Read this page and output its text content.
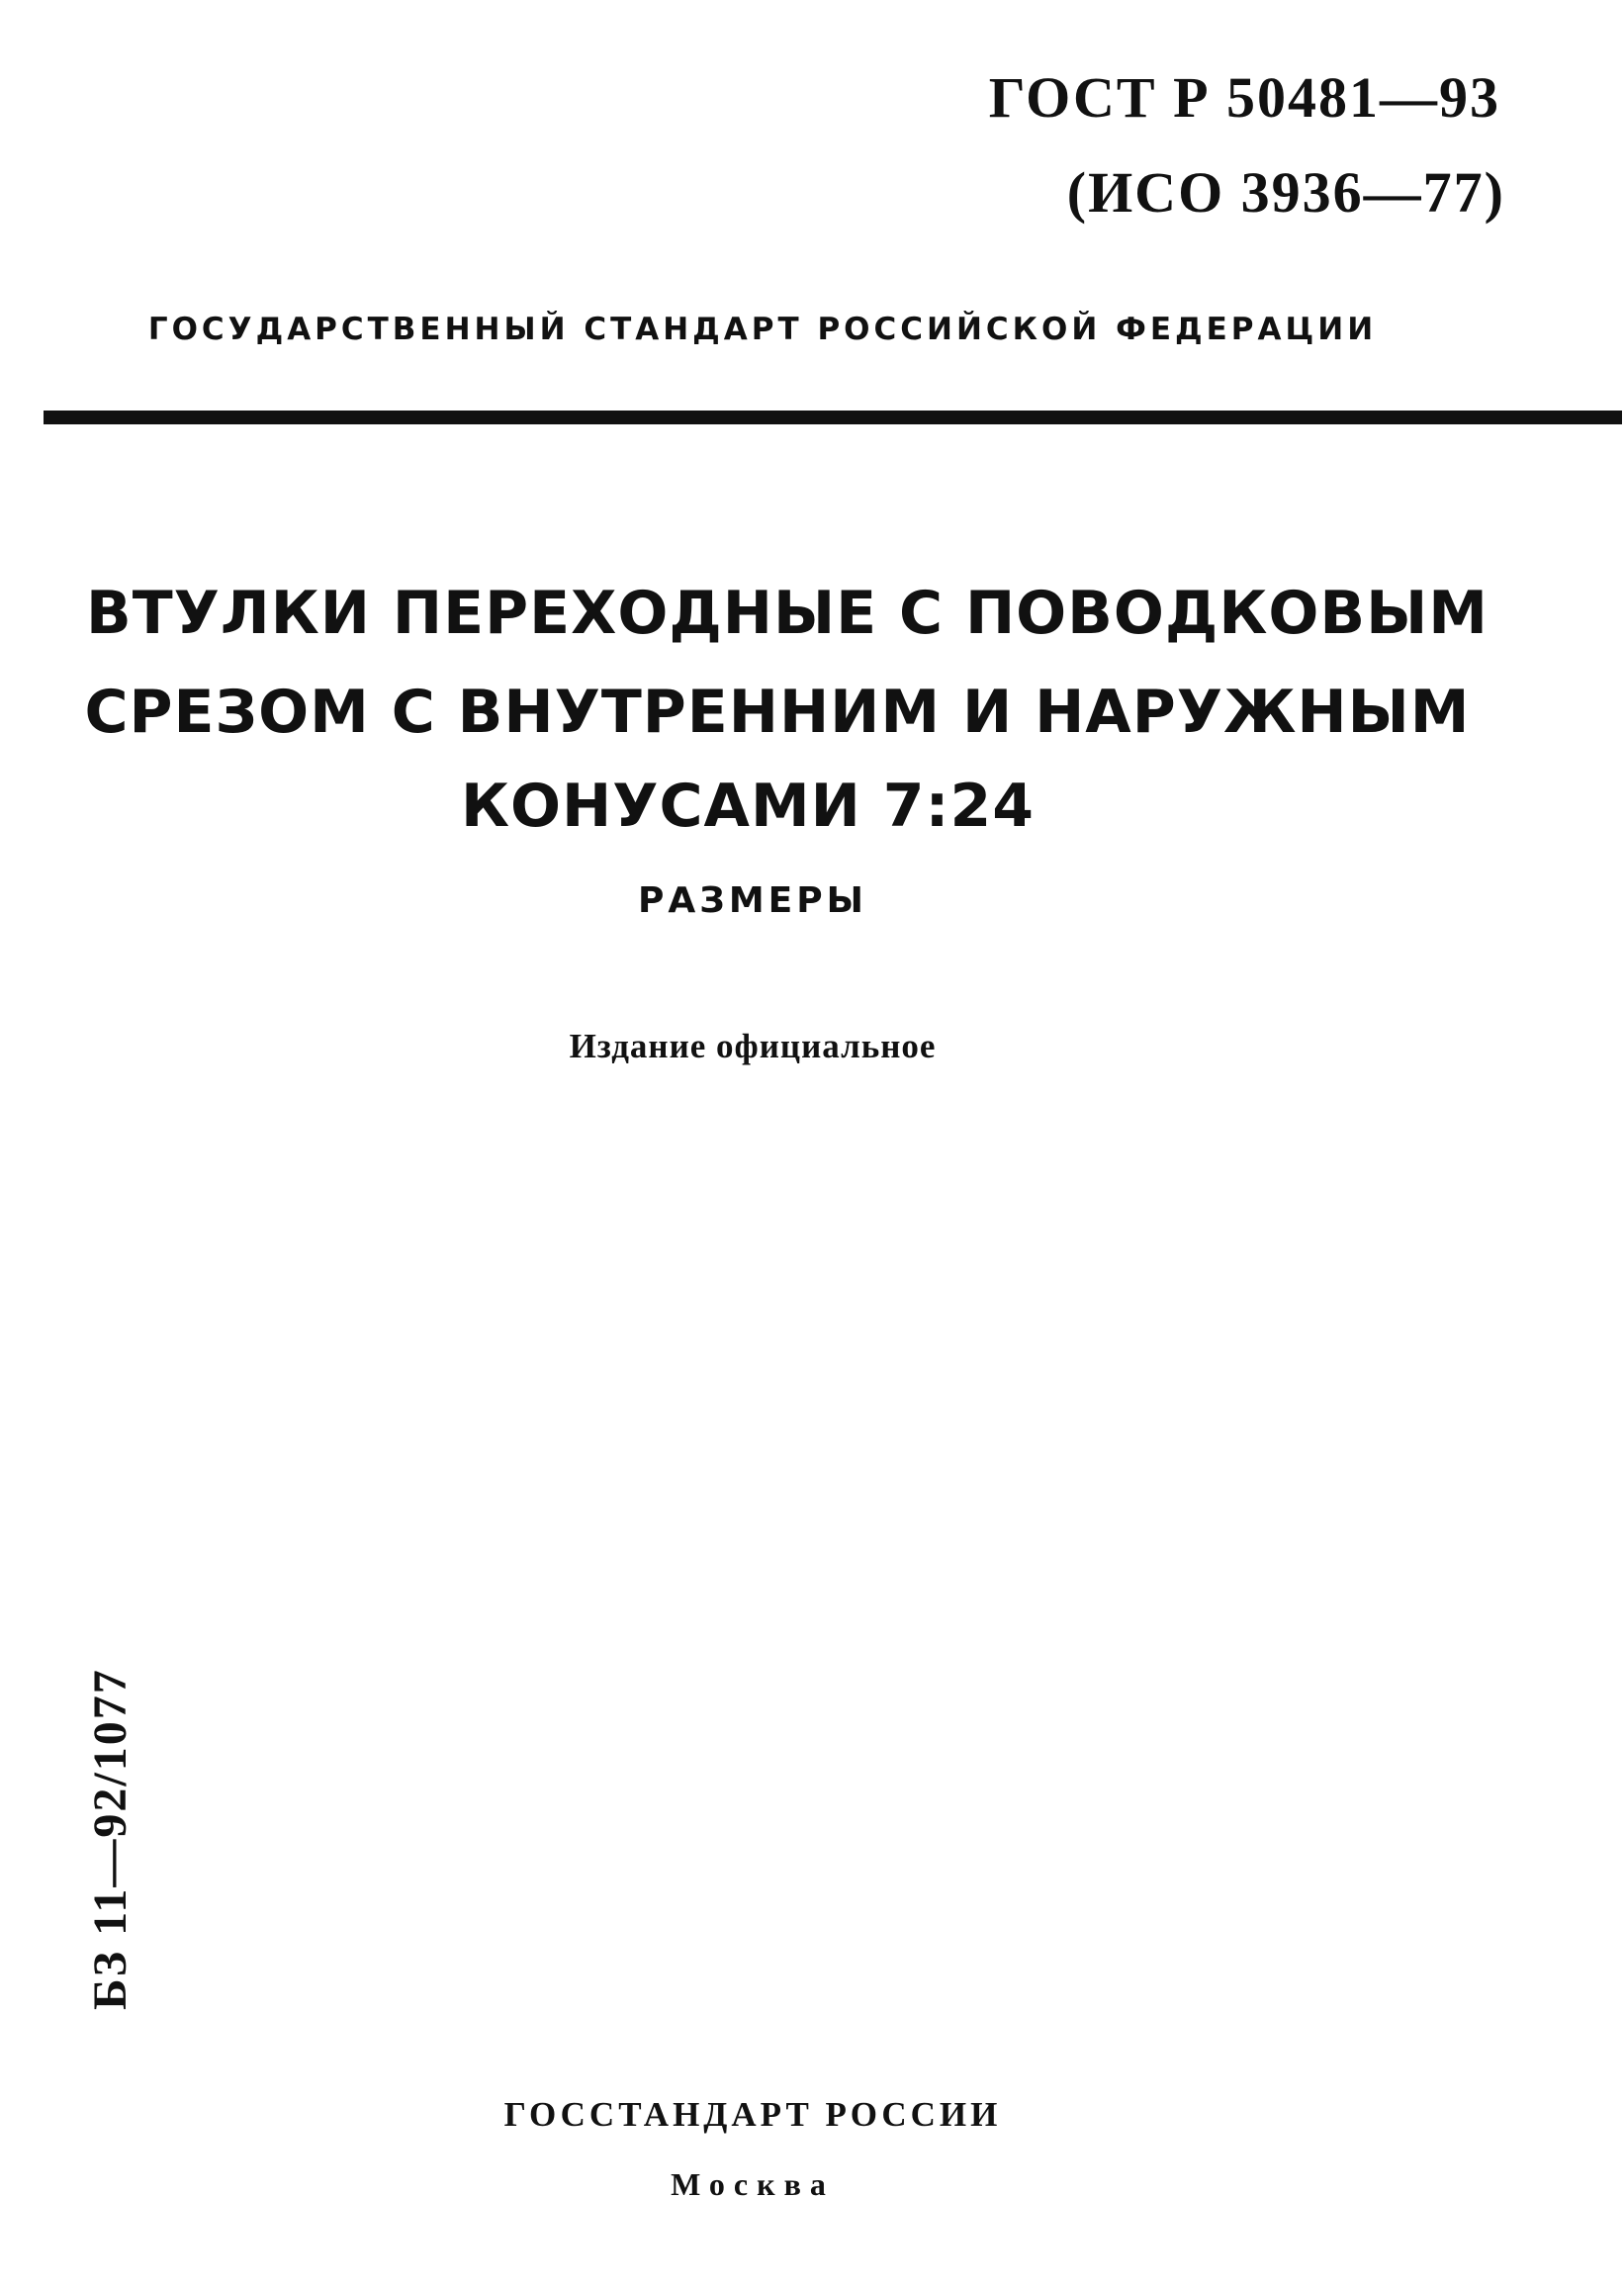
ГОСТ Р 50481—93
(ИСО 3936—77)
ГОСУДАРСТВЕННЫЙ СТАНДАРТ РОССИЙСКОЙ ФЕДЕРАЦИИ
ВТУЛКИ ПЕРЕХОДНЫЕ С ПОВОДКОВЫМ
СРЕЗОМ С ВНУТРЕННИМ И НАРУЖНЫМ
КОНУСАМИ 7:24
РАЗМЕРЫ
Издание официальное
БЗ 11—92/1077
ГОССТАНДАРТ РОССИИ
Москва
